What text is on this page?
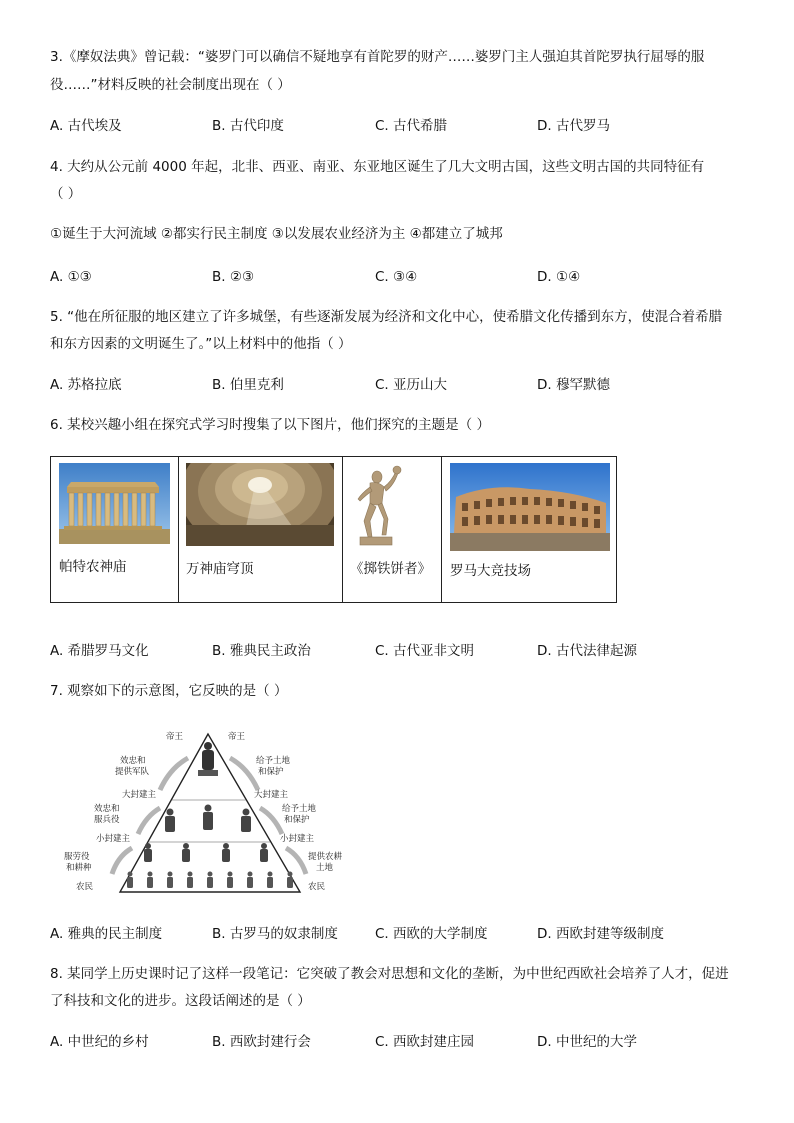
3.《摩奴法典》曾记载：“婆罗门可以确信不疑地享有首陀罗的财产……婆罗门主人强迫其首陀罗执行屈辱的服
役……”材料反映的社会制度出现在（ ）
A. 古代埃及	B. 古代印度	C. 古代希腊	D. 古代罗马
4. 大约从公元前 4000 年起，北非、西亚、南亚、东亚地区诞生了几大文明古国，这些文明古国的共同特征有
（ ）
①诞生于大河流域 ②都实行民主制度 ③以发展农业经济为主 ④都建立了城邦
A. ①③	B. ②③	C. ③④	D. ①④
5. “他在所征服的地区建立了许多城堡，有些逐渐发展为经济和文化中心，使希腊文化传播到东方，使混合着希腊
和东方因素的文明诞生了。”以上材料中的他指（ ）
A. 苏格拉底	B. 伯里克利	C. 亚历山大	D. 穆罕默德
6. 某校兴趣小组在探究式学习时搜集了以下图片，他们探究的主题是（ ）
帕特农神庙	万神庙穹顶	《掷铁饼者》 罗马大竞技场
A. 希腊罗马文化	B. 雅典民主政治	C. 古代亚非文明	D. 古代法律起源
7. 观察如下的示意图，它反映的是（ ）
帝王	帝王
效忠和
提供军队
给予土地
和保护
大封建主	大封建主
效忠和
服兵役
给予土地
和保护
小封建主	小封建主
服劳役
和耕种
提供农耕
土地
农民	农民
A. 雅典的民主制度	B. 古罗马的奴隶制度	C. 西欧的大学制度	D. 西欧封建等级制度
8. 某同学上历史课时记了这样一段笔记：它突破了教会对思想和文化的垄断，为中世纪西欧社会培养了人才，促进
了科技和文化的进步。这段话阐述的是（ ）
A. 中世纪的乡村	B. 西欧封建行会	C. 西欧封建庄园	D. 中世纪的大学
